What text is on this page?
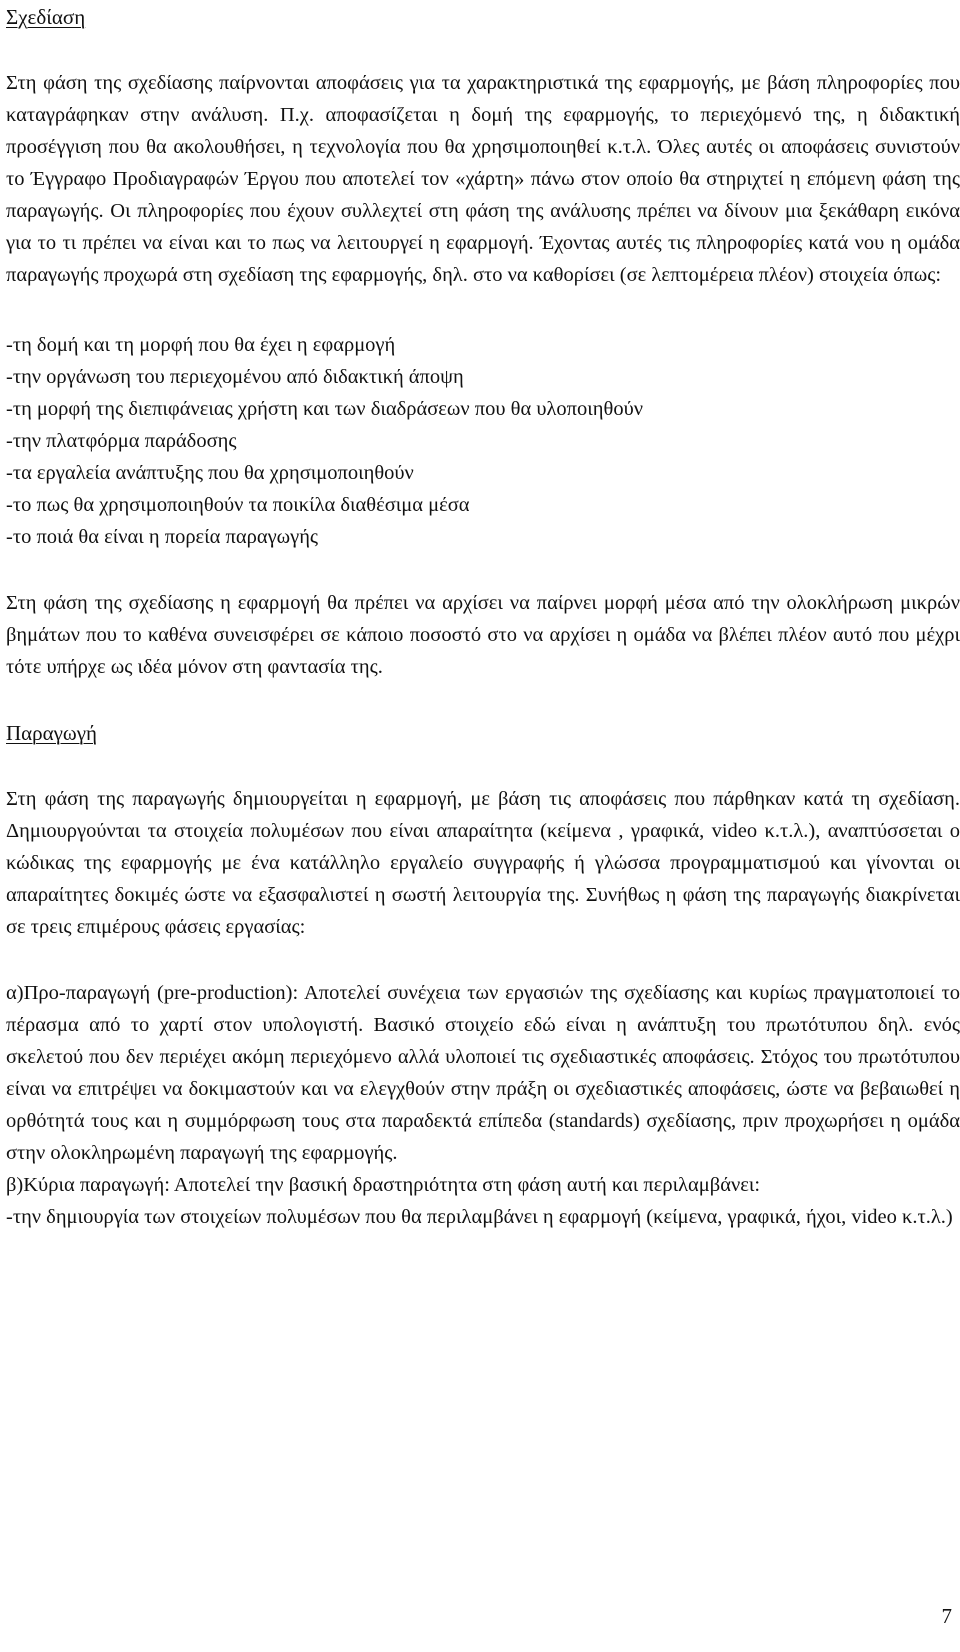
Σχεδίαση

Στη φάση της σχεδίασης παίρνονται αποφάσεις για τα χαρακτηριστικά της εφαρμογής, με βάση πληροφορίες που καταγράφηκαν στην ανάλυση. Π.χ. αποφασίζεται η δομή της εφαρμογής, το περιεχόμενό της, η διδακτική προσέγγιση που θα ακολουθήσει, η τεχνολογία που θα χρησιμοποιηθεί κ.τ.λ. Όλες αυτές οι αποφάσεις συνιστούν το Έγγραφο Προδιαγραφών Έργου που αποτελεί τον «χάρτη» πάνω στον οποίο θα στηριχτεί η επόμενη φάση της παραγωγής. Οι πληροφορίες που έχουν συλλεχτεί στη φάση της ανάλυσης πρέπει να δίνουν μια ξεκάθαρη εικόνα για το τι πρέπει να είναι και το πως να λειτουργεί η εφαρμογή. Έχοντας αυτές τις πληροφορίες κατά νου η ομάδα παραγωγής προχωρά στη σχεδίαση της εφαρμογής, δηλ. στο να καθορίσει (σε λεπτομέρεια πλέον) στοιχεία όπως:

-τη δομή και τη μορφή που θα έχει η εφαρμογή
-την οργάνωση του περιεχομένου από διδακτική άποψη
-τη μορφή της διεπιφάνειας χρήστη και των διαδράσεων που θα υλοποιηθούν
-την πλατφόρμα παράδοσης
-τα εργαλεία ανάπτυξης που θα χρησιμοποιηθούν
-το πως θα χρησιμοποιηθούν τα ποικίλα διαθέσιμα μέσα
-το ποιά θα είναι η πορεία παραγωγής

Στη φάση της σχεδίασης η εφαρμογή θα πρέπει να αρχίσει να παίρνει μορφή μέσα από την ολοκλήρωση μικρών βημάτων που το καθένα συνεισφέρει σε κάποιο ποσοστό στο να αρχίσει η ομάδα να βλέπει πλέον αυτό που μέχρι τότε υπήρχε ως ιδέα μόνον στη φαντασία της.

Παραγωγή

Στη φάση της παραγωγής δημιουργείται η εφαρμογή, με βάση τις αποφάσεις που πάρθηκαν κατά τη σχεδίαση. Δημιουργούνται τα στοιχεία πολυμέσων που είναι απαραίτητα (κείμενα , γραφικά, video κ.τ.λ.), αναπτύσσεται ο κώδικας της εφαρμογής με ένα κατάλληλο εργαλείο συγγραφής ή γλώσσα προγραμματισμού και γίνονται οι απαραίτητες δοκιμές ώστε να εξασφαλιστεί η σωστή λειτουργία της. Συνήθως η φάση της παραγωγής διακρίνεται σε τρεις επιμέρους φάσεις εργασίας:

α)Προ-παραγωγή (pre-production): Αποτελεί συνέχεια των εργασιών της σχεδίασης και κυρίως πραγματοποιεί το πέρασμα από το χαρτί στον υπολογιστή. Βασικό στοιχείο εδώ είναι η ανάπτυξη του πρωτότυπου δηλ. ενός σκελετού που δεν περιέχει ακόμη περιεχόμενο αλλά υλοποιεί τις σχεδιαστικές αποφάσεις. Στόχος του πρωτότυπου είναι να επιτρέψει να δοκιμαστούν και να ελεγχθούν στην πράξη οι σχεδιαστικές αποφάσεις, ώστε να βεβαιωθεί η ορθότητά τους και η συμμόρφωση τους στα παραδεκτά επίπεδα (standards) σχεδίασης, πριν προχωρήσει η ομάδα στην ολοκληρωμένη παραγωγή της εφαρμογής.

β)Κύρια παραγωγή: Αποτελεί την βασική δραστηριότητα στη φάση αυτή και περιλαμβάνει:

-την δημιουργία των στοιχείων πολυμέσων που θα περιλαμβάνει η εφαρμογή (κείμενα, γραφικά, ήχοι, video κ.τ.λ.)

7
